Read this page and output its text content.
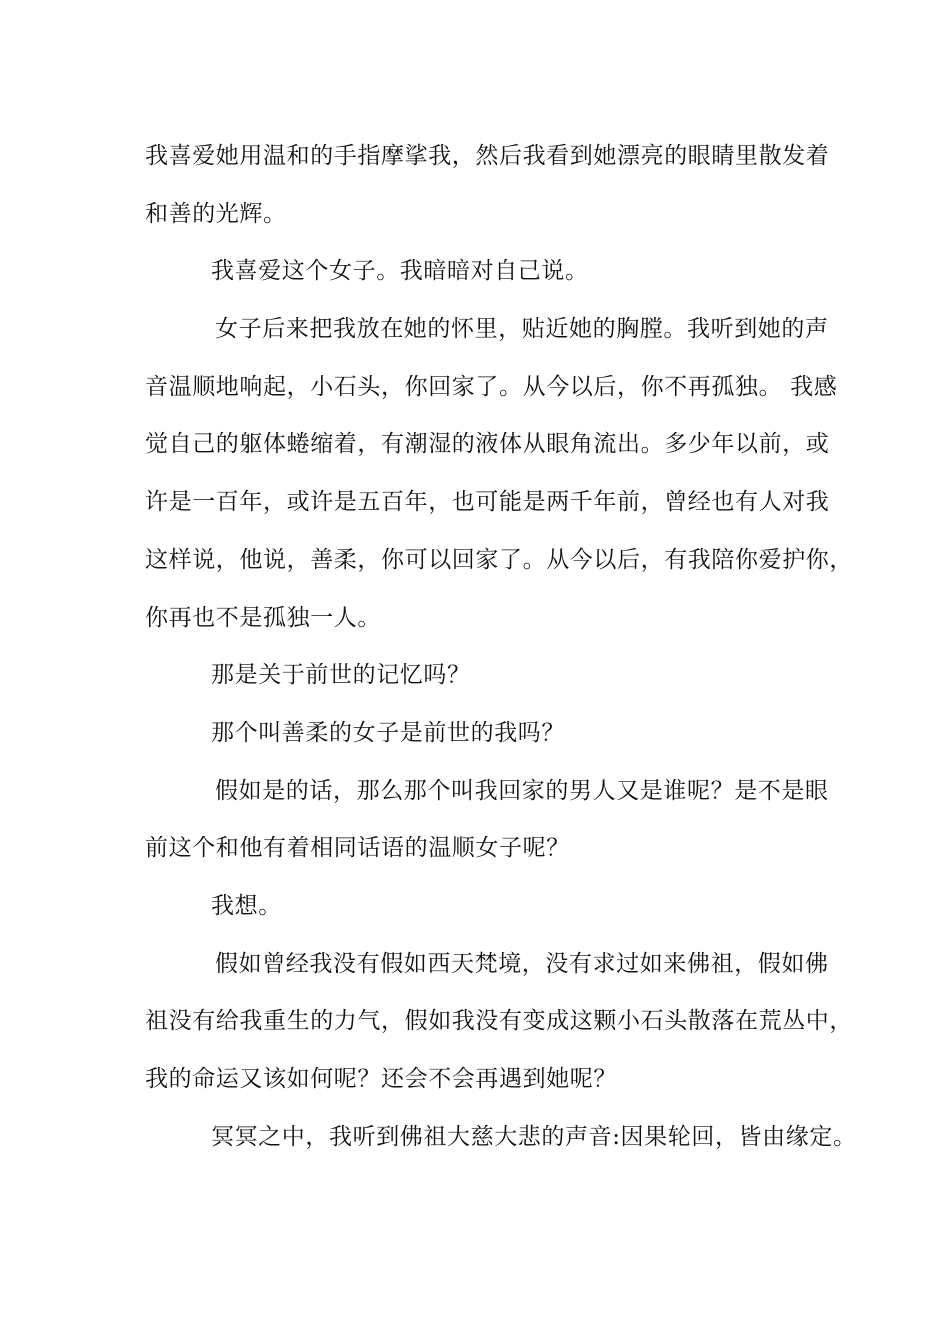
我喜爱她用温和的手指摩挲我，然后我看到她漂亮的眼睛里散发着
和善的光辉。
我喜爱这个女子。我暗暗对自己说。
女子后来把我放在她的怀里，贴近她的胸膛。我听到她的声
音温顺地响起，小石头，你回家了。从今以后，你不再孤独。 我感
觉自己的躯体蜷缩着，有潮湿的液体从眼角流出。多少年以前，或
许是一百年，或许是五百年，也可能是两千年前，曾经也有人对我
这样说，他说，善柔，你可以回家了。从今以后，有我陪你爱护你，
你再也不是孤独一人。
那是关于前世的记忆吗？
那个叫善柔的女子是前世的我吗？
假如是的话，那么那个叫我回家的男人又是谁呢？是不是眼
前这个和他有着相同话语的温顺女子呢？
我想。
假如曾经我没有假如西天梵境，没有求过如来佛祖，假如佛
祖没有给我重生的力气，假如我没有变成这颗小石头散落在荒丛中，
我的命运又该如何呢？还会不会再遇到她呢？
冥冥之中，我听到佛祖大慈大悲的声音:因果轮回，皆由缘定。
